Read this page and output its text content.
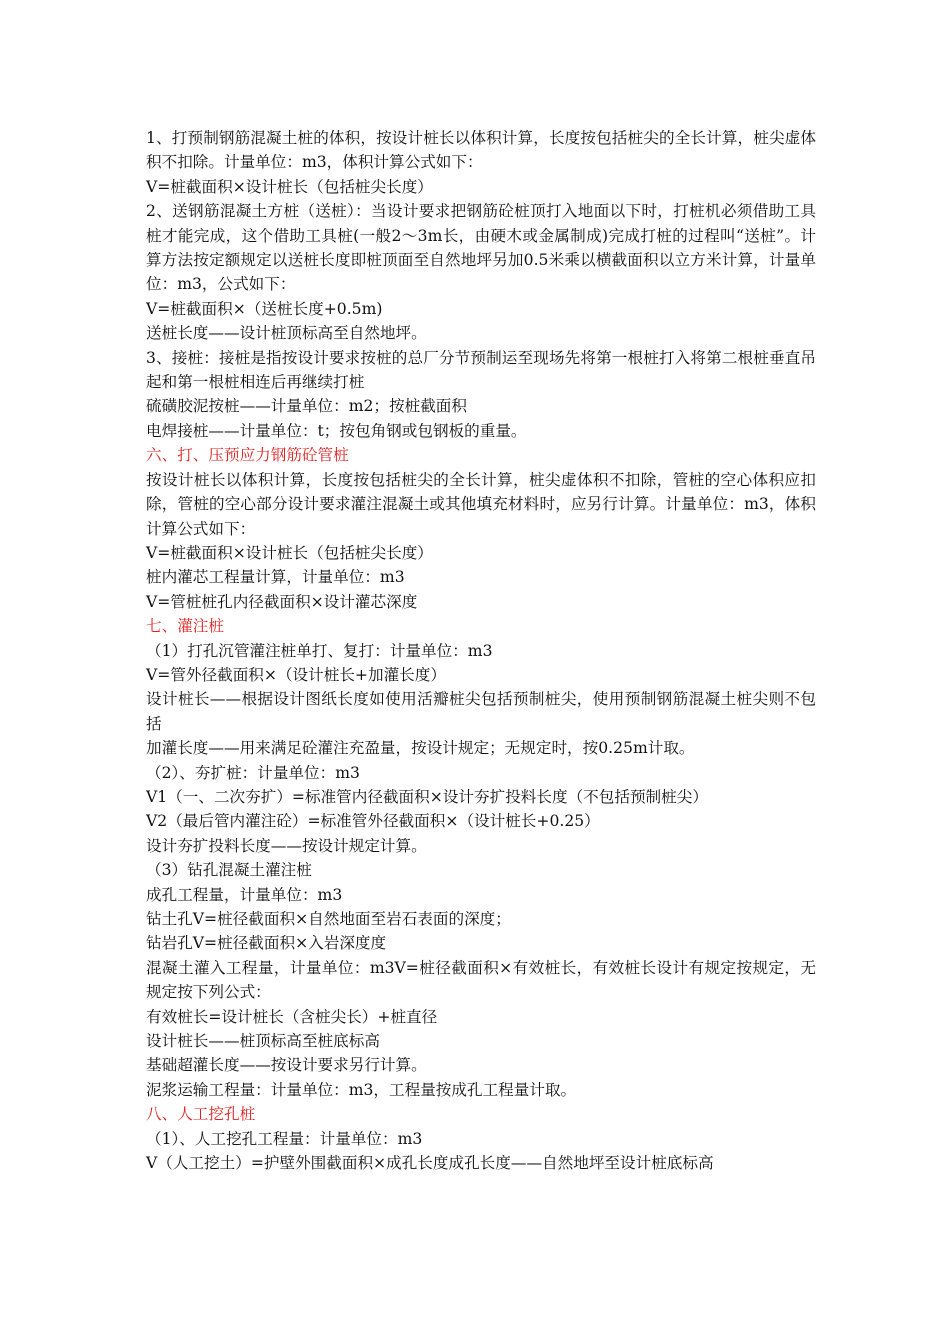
1、打预制钢筋混凝土桩的体积，按设计桩长以体积计算，长度按包括桩尖的全长计算，桩尖虚体积不扣除。计量单位：m3，体积计算公式如下：

V=桩截面积×设计桩长（包括桩尖长度）

2、送钢筋混凝土方桩（送桩）：当设计要求把钢筋砼桩顶打入地面以下时，打桩机必须借助工具桩才能完成，这个借助工具桩(一般2～3m长，由硬木或金属制成)完成打桩的过程叫“送桩”。计算方法按定额规定以送桩长度即桩顶面至自然地坪另加0.5米乘以横截面积以立方米计算，计量单位：m3，公式如下：

V=桩截面积×（送桩长度+0.5m)

送桩长度——设计桩顶标高至自然地坪。

3、接桩：接桩是指按设计要求按桩的总厂分节预制运至现场先将第一根桩打入将第二根桩垂直吊起和第一根桩相连后再继续打桩

硫磺胶泥按桩——计量单位：m2；按桩截面积

电焊接桩——计量单位：t；按包角钢或包钢板的重量。

六、打、压预应力钢筋砼管桩

按设计桩长以体积计算，长度按包括桩尖的全长计算，桩尖虚体积不扣除，管桩的空心体积应扣除，管桩的空心部分设计要求灌注混凝土或其他填充材料时，应另行计算。计量单位：m3，体积计算公式如下：

V=桩截面积×设计桩长（包括桩尖长度）

桩内灌芯工程量计算，计量单位：m3

V=管桩桩孔内径截面积×设计灌芯深度

七、灌注桩

（1）打孔沉管灌注桩单打、复打：计量单位：m3

V=管外径截面积×（设计桩长+加灌长度）

设计桩长——根据设计图纸长度如使用活瓣桩尖包括预制桩尖，使用预制钢筋混凝土桩尖则不包括

加灌长度——用来满足砼灌注充盈量，按设计规定；无规定时，按0.25m计取。

（2）、夯扩桩：计量单位：m3

V1（一、二次夯扩）=标准管内径截面积×设计夯扩投料长度（不包括预制桩尖）

V2（最后管内灌注砼）=标准管外径截面积×（设计桩长+0.25）

设计夯扩投料长度——按设计规定计算。

（3）钻孔混凝土灌注桩

成孔工程量，计量单位：m3

钻土孔V=桩径截面积×自然地面至岩石表面的深度；

钻岩孔V=桩径截面积×入岩深度度

混凝土灌入工程量，计量单位：m3V=桩径截面积×有效桩长，有效桩长设计有规定按规定，无规定按下列公式：

有效桩长=设计桩长（含桩尖长）+桩直径

设计桩长——桩顶标高至桩底标高

基础超灌长度——按设计要求另行计算。

泥浆运输工程量：计量单位：m3，工程量按成孔工程量计取。

八、人工挖孔桩

（1）、人工挖孔工程量：计量单位：m3

V（人工挖土）=护壁外围截面积×成孔长度成孔长度——自然地坪至设计桩底标高
